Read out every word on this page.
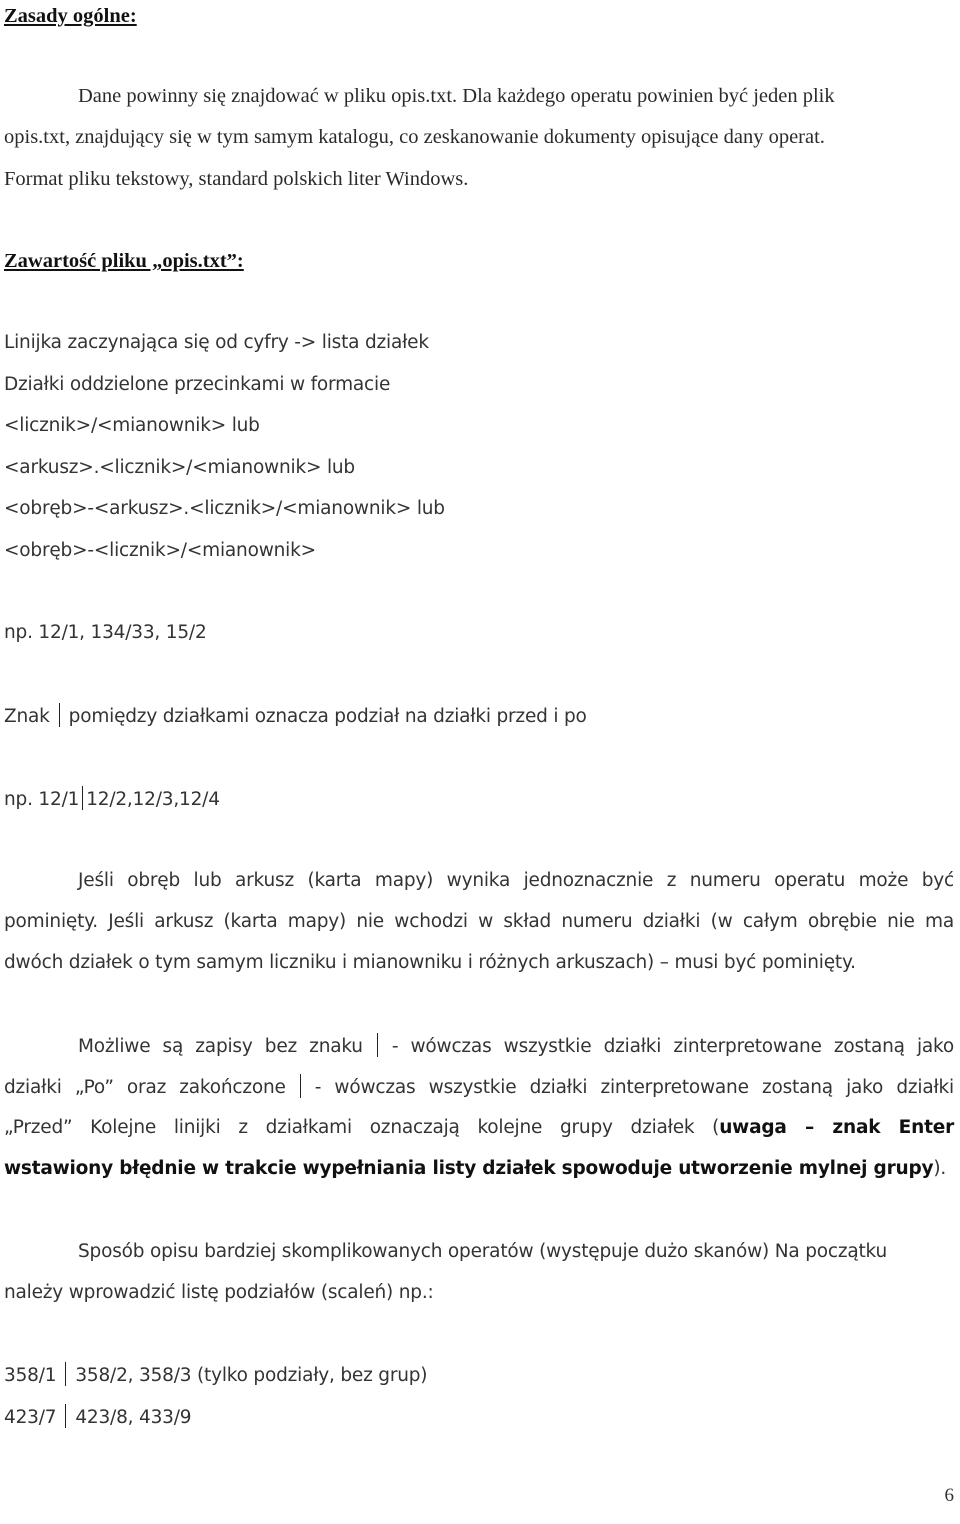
Zasady ogólne:
Dane powinny się znajdować w pliku opis.txt. Dla każdego operatu powinien być jeden plik
opis.txt, znajdujący się w tym samym katalogu, co zeskanowanie dokumenty opisujące dany operat.
Format pliku tekstowy, standard polskich liter Windows.
Zawartość pliku „opis.txt”:
Linijka zaczynająca się od cyfry -> lista działek
Działki oddzielone przecinkami w formacie
<licznik>/<mianownik> lub
<arkusz>.<licznik>/<mianownik> lub
<obręb>-<arkusz>.<licznik>/<mianownik> lub
<obręb>-<licznik>/<mianownik>
np. 12/1, 134/33, 15/2
Znak pomiędzy działkami oznacza podział na działki przed i po
np. 12/1 12/2,12/3,12/4
Jeśli obręb lub arkusz (karta mapy) wynika jednoznacznie z numeru operatu może być
pominięty. Jeśli arkusz (karta mapy) nie wchodzi w skład numeru działki (w całym obrębie nie ma
dwóch działek o tym samym liczniku i mianowniku i różnych arkuszach) – musi być pominięty.
Możliwe są zapisy bez znaku - wówczas wszystkie działki zinterpretowane zostaną jako
działki „Po” oraz zakończone - wówczas wszystkie działki zinterpretowane zostaną jako działki
„Przed” Kolejne linijki z działkami oznaczają kolejne grupy działek (uwaga – znak Enter
wstawiony błędnie w trakcie wypełniania listy działek spowoduje utworzenie mylnej grupy).
Sposób opisu bardziej skomplikowanych operatów (występuje dużo skanów) Na początku
należy wprowadzić listę podziałów (scaleń) np.:
358/1 358/2, 358/3 (tylko podziały, bez grup)
423/7 423/8, 433/9
6
